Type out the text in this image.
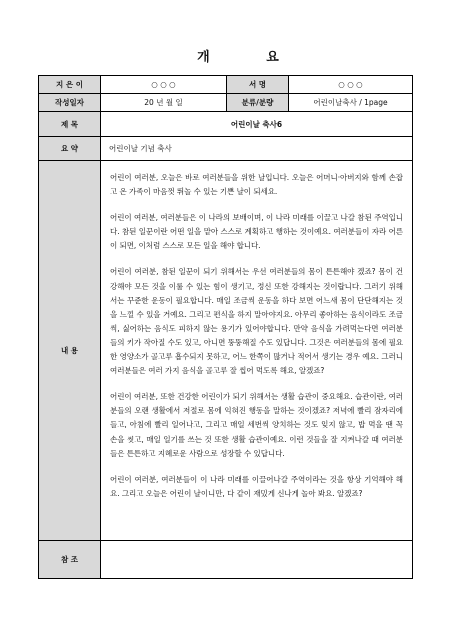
개 요
지 은 이	○ ○ ○	서 명	○ ○ ○
작성일자	20 년 월 일	분류/분량	어린이날축사 / 1page
제 목	어린이날 축사6		
요 약	어린이날 기념 축사		
내 용	어린이 여러분, 오늘은 바로 여러분들을 위한 날입니다. 오늘은 어머니·아버지와 함께 손잡고 온 가족이 마음껏 뛰놀 수 있는 기쁜 날이 되세요.

어린이 여러분, 여러분들은 이 나라의 보배이며, 이 나라 미래를 이끌고 나갈 참된 주역입니다. 참된 일꾼이란 어떤 일을 맡아 스스로 계획하고 행하는 것이예요. 여러분들이 자라 어른이 되면, 이처럼 스스로 모든 일을 해야 합니다.

어린이 여러분, 참된 일꾼이 되기 위해서는 우선 여러분들의 몸이 튼튼해야 겠죠? 몸이 건강해야 모든 것을 이룰 수 있는 힘이 생기고, 정신 또한 강해지는 것이랍니다. 그러기 위해서는 꾸준한 운동이 필요합니다. 매일 조금씩 운동을 하다 보면 어느새 몸이 단단해지는 것을 느낄 수 있을 거예요. 그리고 편식을 하지 말아야지요. 아무리 좋아하는 음식이라도 조금씩, 싫어하는 음식도 피하지 않는 용기가 있어야합니다. 만약 음식을 가려먹는다면 여러분들의 키가 작아질 수도 있고, 아니면 뚱뚱해질 수도 있답니다. 그것은 여러분들의 몸에 필요한 영양소가 골고루 흡수되지 못하고, 어느 한쪽이 많거나 적어서 생기는 경우 예요. 그러니 여러분들은 여러 가지 음식을 골고루 잘 씹어 먹도록 해요, 알겠죠?

어린이 여러분, 또한 건강한 어린이가 되기 위해서는 생활 습관이 중요해요. 습관이란, 여러분들의 오랜 생활에서 저절로 몸에 익혀진 행동을 말하는 것이겠죠? 저녁에 빨리 잠자리에 들고, 아침에 빨리 일어나고, 그리고 매일 세번씩 양치하는 것도 잊지 않고, 밥 먹을 땐 꼭 손을 씻고, 매일 일기를 쓰는 것 또한 생활 습관이예요. 이런 것들을 잘 지켜나갈 때 여러분들은 튼튼하고 지혜로운 사람으로 성장할 수 있답니다.

어린이 여러분, 여러분들이 이 나라 미래를 이끌어나갈 주역이라는 것을 항상 기억해야 해요. 그리고 오늘은 어린이 날이니만, 다 같이 재밌게 신나게 놀아 봐요. 알겠죠?		

참 조			
